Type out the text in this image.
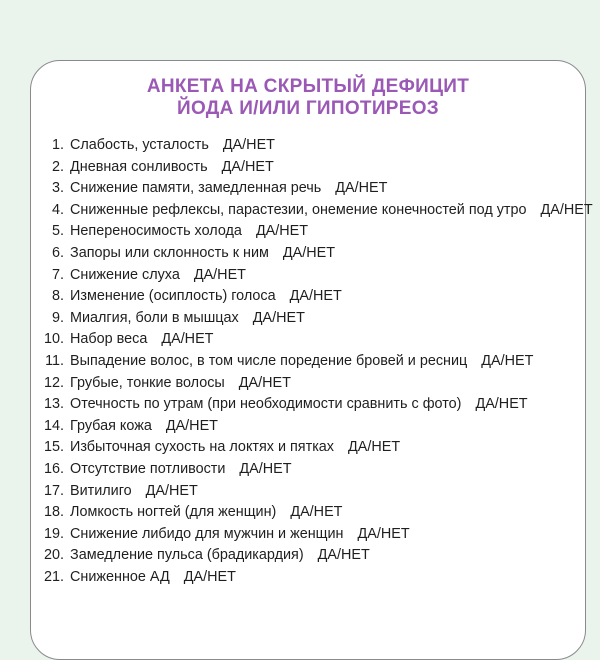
АНКЕТА НА СКРЫТЫЙ ДЕФИЦИТ
ЙОДА И/ИЛИ ГИПОТИРЕОЗ
1. Слабость, усталость ДА/НЕТ
2. Дневная сонливость ДА/НЕТ
3. Снижение памяти, замедленная речь ДА/НЕТ
4. Сниженные рефлексы, парастезии, онемение конечностей под утро ДА/НЕТ
5. Непереносимость холода ДА/НЕТ
6. Запоры или склонность к ним ДА/НЕТ
7. Снижение слуха ДА/НЕТ
8. Изменение (осиплость) голоса ДА/НЕТ
9. Миалгия, боли в мышцах ДА/НЕТ
10. Набор веса ДА/НЕТ
11. Выпадение волос, в том числе поредение бровей и ресниц ДА/НЕТ
12. Грубые, тонкие волосы ДА/НЕТ
13. Отечность по утрам (при необходимости сравнить с фото) ДА/НЕТ
14. Грубая кожа ДА/НЕТ
15. Избыточная сухость на локтях и пятках ДА/НЕТ
16. Отсутствие потливости ДА/НЕТ
17. Витилиго ДА/НЕТ
18. Ломкость ногтей (для женщин) ДА/НЕТ
19. Снижение либидо для мужчин и женщин ДА/НЕТ
20. Замедление пульса (брадикардия) ДА/НЕТ
21. Сниженное АД ДА/НЕТ
